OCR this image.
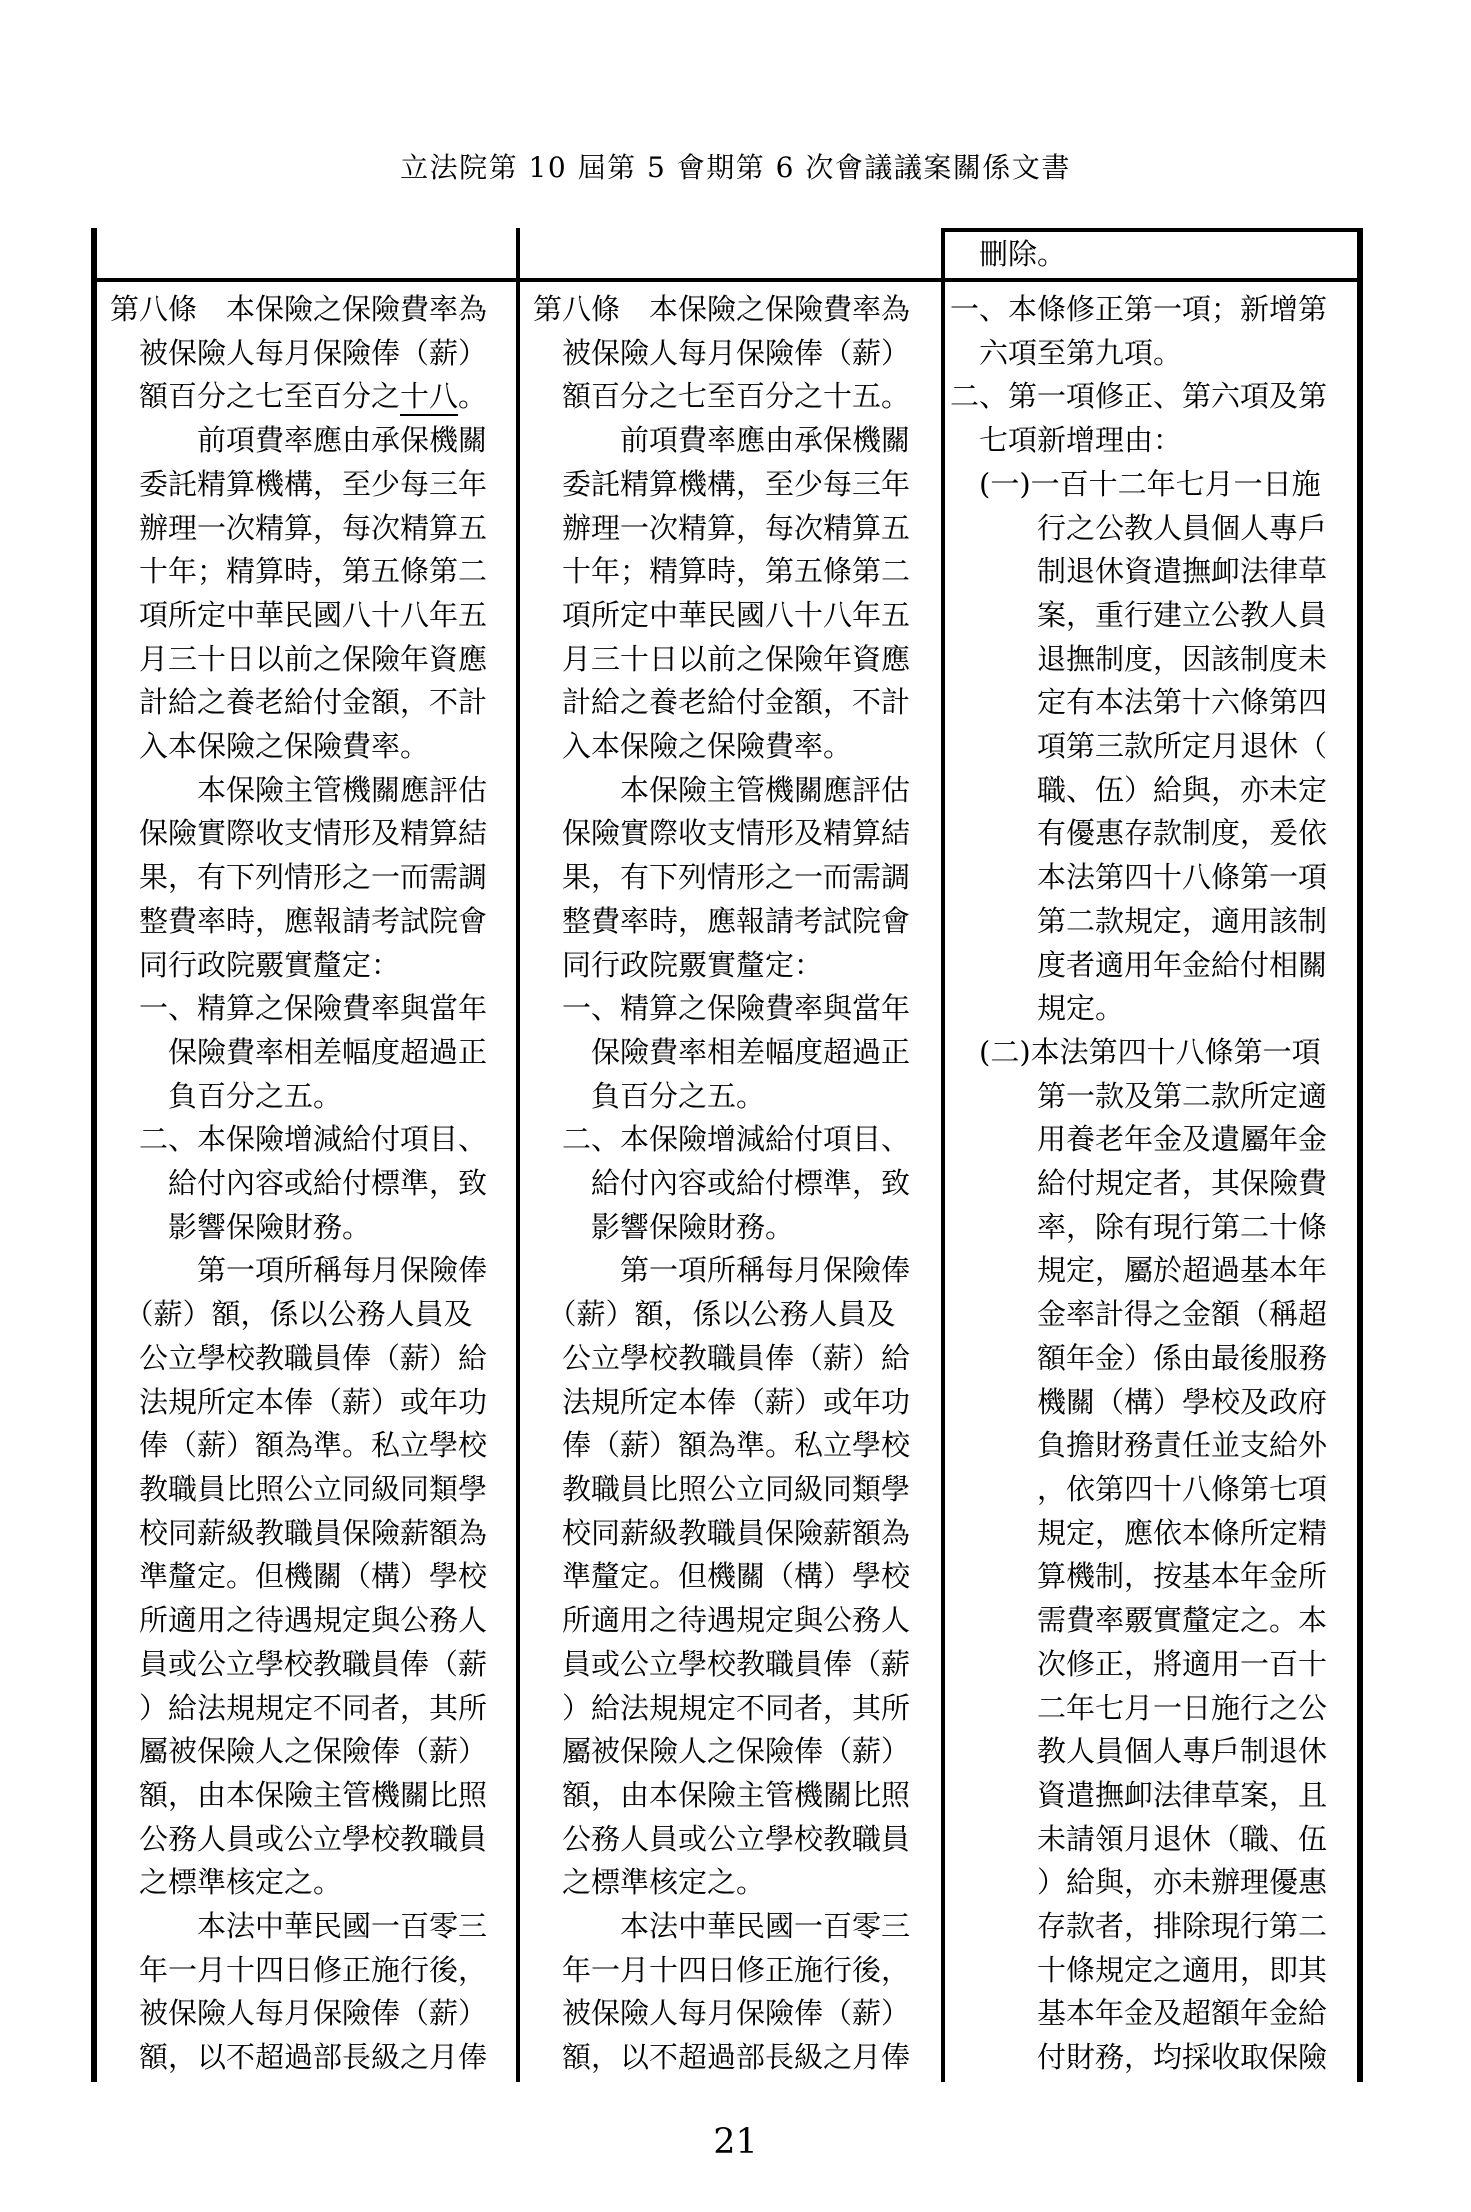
立法院第 10 屆第 5 會期第 6 次會議議案關係文書
第八條　本保險之保險費率為
　被保險人每月保險俸（薪）
　額百分之七至百分之十八。
　　　前項費率應由承保機關
　委託精算機構，至少每三年
　辦理一次精算，每次精算五
　十年；精算時，第五條第二
　項所定中華民國八十八年五
　月三十日以前之保險年資應
　計給之養老給付金額，不計
　入本保險之保險費率。
　　　本保險主管機關應評估
　保險實際收支情形及精算結
　果，有下列情形之一而需調
　整費率時，應報請考試院會
　同行政院覈實釐定：
　一、精算之保險費率與當年
　　保險費率相差幅度超過正
　　負百分之五。
　二、本保險增減給付項目、
　　給付內容或給付標準，致
　　影響保險財務。
　　　第一項所稱每月保險俸
　（薪）額，係以公務人員及
　公立學校教職員俸（薪）給
　法規所定本俸（薪）或年功
　俸（薪）額為準。私立學校
　教職員比照公立同級同類學
　校同薪級教職員保險薪額為
　準釐定。但機關（構）學校
　所適用之待遇規定與公務人
　員或公立學校教職員俸（薪
　）給法規規定不同者，其所
　屬被保險人之保險俸（薪）
　額，由本保險主管機關比照
　公務人員或公立學校教職員
　之標準核定之。
　　　本法中華民國一百零三
　年一月十四日修正施行後，
　被保險人每月保險俸（薪）
　額，以不超過部長級之月俸
第八條　本保險之保險費率為
　被保險人每月保險俸（薪）
　額百分之七至百分之十五。
　　　前項費率應由承保機關
　委託精算機構，至少每三年
　辦理一次精算，每次精算五
　十年；精算時，第五條第二
　項所定中華民國八十八年五
　月三十日以前之保險年資應
　計給之養老給付金額，不計
　入本保險之保險費率。
　　　本保險主管機關應評估
　保險實際收支情形及精算結
　果，有下列情形之一而需調
　整費率時，應報請考試院會
　同行政院覈實釐定：
　一、精算之保險費率與當年
　　保險費率相差幅度超過正
　　負百分之五。
　二、本保險增減給付項目、
　　給付內容或給付標準，致
　　影響保險財務。
　　　第一項所稱每月保險俸
　（薪）額，係以公務人員及
　公立學校教職員俸（薪）給
　法規所定本俸（薪）或年功
　俸（薪）額為準。私立學校
　教職員比照公立同級同類學
　校同薪級教職員保險薪額為
　準釐定。但機關（構）學校
　所適用之待遇規定與公務人
　員或公立學校教職員俸（薪
　）給法規規定不同者，其所
　屬被保險人之保險俸（薪）
　額，由本保險主管機關比照
　公務人員或公立學校教職員
　之標準核定之。
　　　本法中華民國一百零三
　年一月十四日修正施行後，
　被保險人每月保險俸（薪）
　額，以不超過部長級之月俸
　刪除。
一、本條修正第一項；新增第
　六項至第九項。
二、第一項修正、第六項及第
　七項新增理由：
　(一)一百十二年七月一日施
　　　行之公教人員個人專戶
　　　制退休資遣撫卹法律草
　　　案，重行建立公教人員
　　　退撫制度，因該制度未
　　　定有本法第十六條第四
　　　項第三款所定月退休（
　　　職、伍）給與，亦未定
　　　有優惠存款制度，爰依
　　　本法第四十八條第一項
　　　第二款規定，適用該制
　　　度者適用年金給付相關
　　　規定。
　(二)本法第四十八條第一項
　　　第一款及第二款所定適
　　　用養老年金及遺屬年金
　　　給付規定者，其保險費
　　　率，除有現行第二十條
　　　規定，屬於超過基本年
　　　金率計得之金額（稱超
　　　額年金）係由最後服務
　　　機關（構）學校及政府
　　　負擔財務責任並支給外
　　　，依第四十八條第七項
　　　規定，應依本條所定精
　　　算機制，按基本年金所
　　　需費率覈實釐定之。本
　　　次修正，將適用一百十
　　　二年七月一日施行之公
　　　教人員個人專戶制退休
　　　資遣撫卹法律草案，且
　　　未請領月退休（職、伍
　　　）給與，亦未辦理優惠
　　　存款者，排除現行第二
　　　十條規定之適用，即其
　　　基本年金及超額年金給
　　　付財務，均採收取保險
21
